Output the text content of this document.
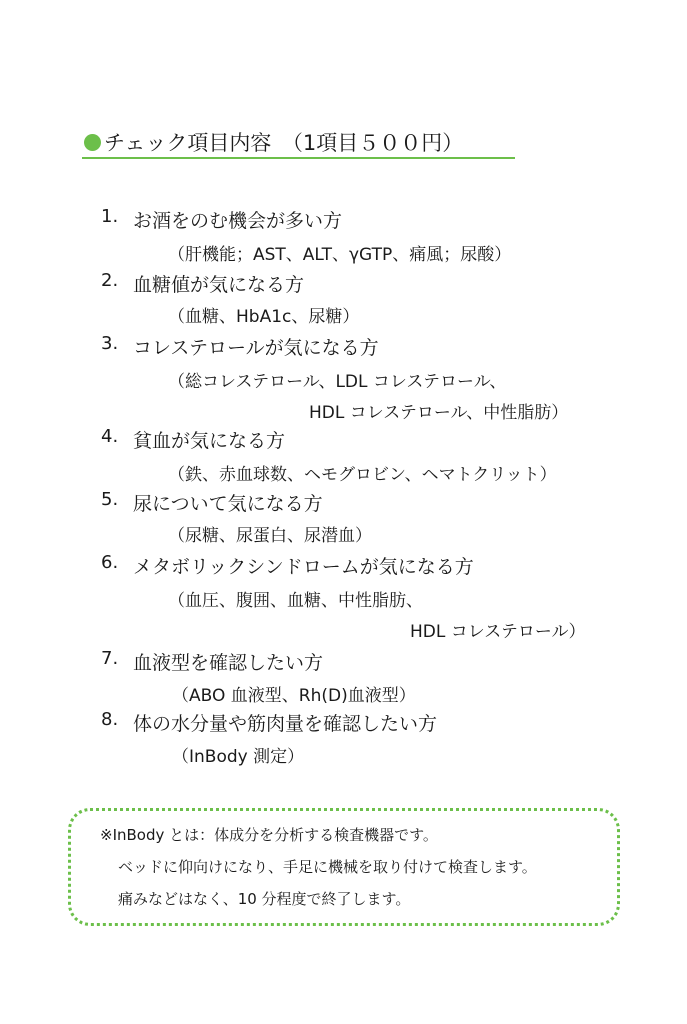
チェック項目内容　（1項目５００円）
1. お酒をのむ機会が多い方
（肝機能；AST、ALT、γGTP、痛風；尿酸）
2. 血糖値が気になる方
（血糖、HbA1c、尿糖）
3. コレステロールが気になる方
（総コレステロール、LDL コレステロール、
HDL コレステロール、中性脂肪）
4. 貧血が気になる方
（鉄、赤血球数、ヘモグロビン、ヘマトクリット）
5. 尿について気になる方
（尿糖、尿蛋白、尿潜血）
6. メタボリックシンドロームが気になる方
（血圧、腹囲、血糖、中性脂肪、
HDL コレステロール）
7. 血液型を確認したい方
（ABO 血液型、Rh(D)血液型）
8. 体の水分量や筋肉量を確認したい方
（InBody 測定）
※InBody とは：体成分を分析する検査機器です。
ベッドに仰向けになり、手足に機械を取り付けて検査します。
痛みなどはなく、10 分程度で終了します。
